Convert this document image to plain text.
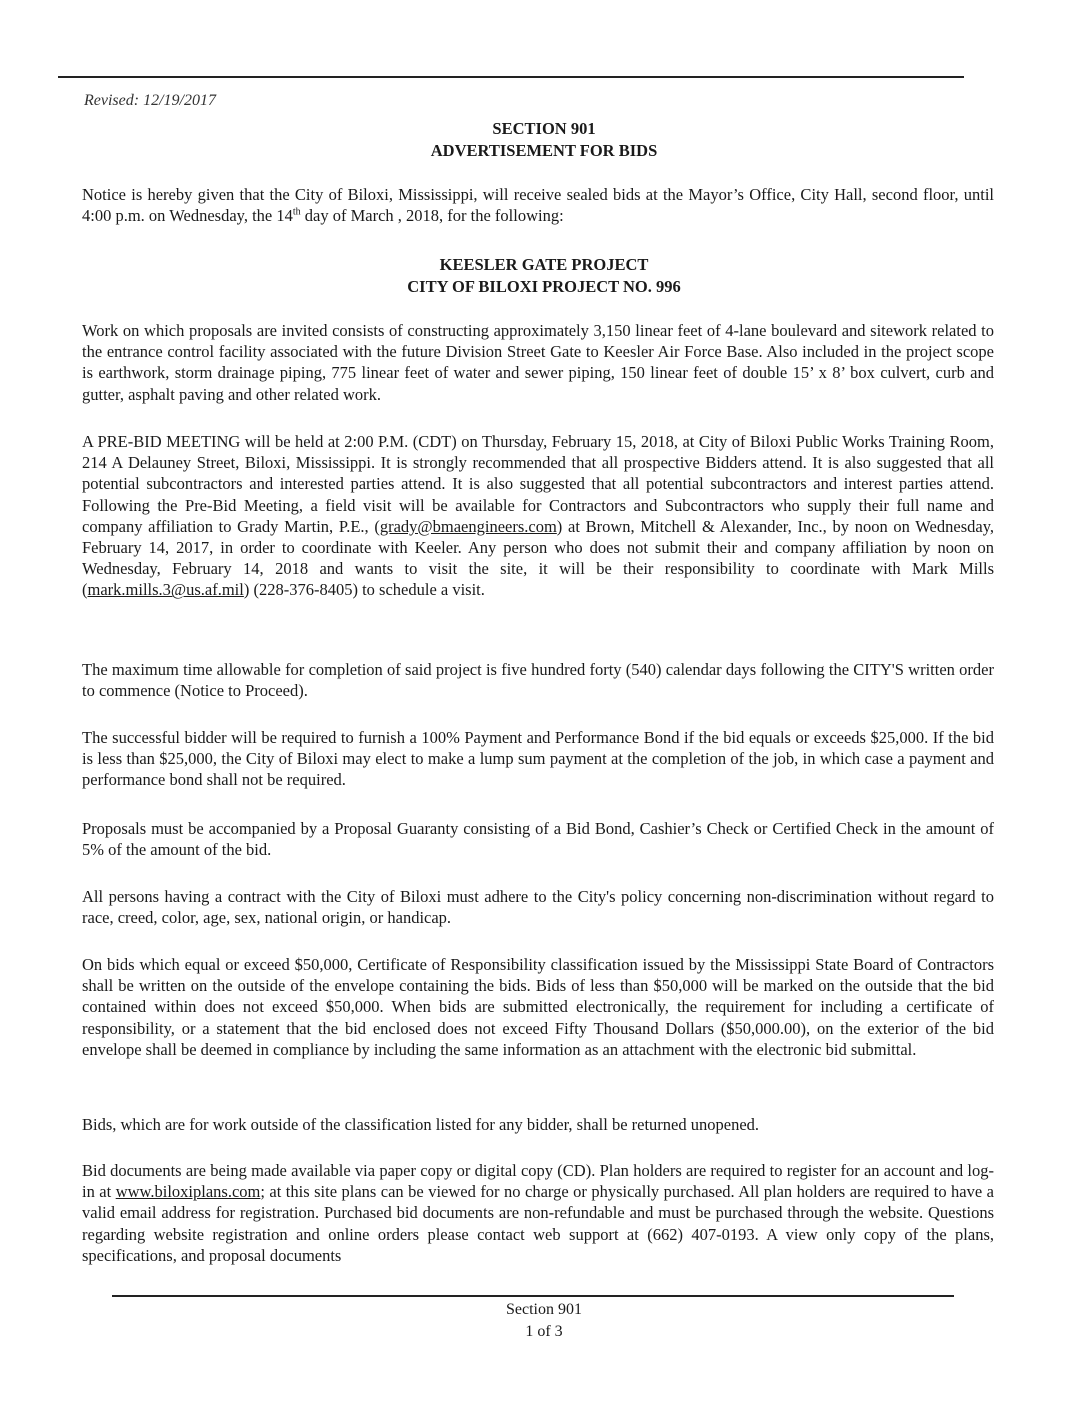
Revised: 12/19/2017
SECTION 901
ADVERTISEMENT FOR BIDS

Notice is hereby given that the City of Biloxi, Mississippi, will receive sealed bids at the Mayor’s Office, City Hall, second floor, until 4:00 p.m. on Wednesday, the 14th day of March , 2018, for the following:

KEESLER GATE PROJECT
CITY OF BILOXI PROJECT NO. 996

Work on which proposals are invited consists of constructing approximately 3,150 linear feet of 4-lane boulevard and sitework related to the entrance control facility associated with the future Division Street Gate to Keesler Air Force Base. Also included in the project scope is earthwork, storm drainage piping, 775 linear feet of water and sewer piping, 150 linear feet of double 15’ x 8’ box culvert, curb and gutter, asphalt paving and other related work.

A PRE-BID MEETING will be held at 2:00 P.M. (CDT) on Thursday, February 15, 2018, at City of Biloxi Public Works Training Room, 214 A Delauney Street, Biloxi, Mississippi. It is strongly recommended that all prospective Bidders attend. It is also suggested that all potential subcontractors and interested parties attend. It is also suggested that all potential subcontractors and interest parties attend. Following the Pre-Bid Meeting, a field visit will be available for Contractors and Subcontractors who supply their full name and company affiliation to Grady Martin, P.E., (grady@bmaengineers.com) at Brown, Mitchell & Alexander, Inc., by noon on Wednesday, February 14, 2017, in order to coordinate with Keeler. Any person who does not submit their and company affiliation by noon on Wednesday, February 14, 2018 and wants to visit the site, it will be their responsibility to coordinate with Mark Mills (mark.mills.3@us.af.mil) (228-376-8405) to schedule a visit.

The maximum time allowable for completion of said project is five hundred forty (540) calendar days following the CITY'S written order to commence (Notice to Proceed).

The successful bidder will be required to furnish a 100% Payment and Performance Bond if the bid equals or exceeds $25,000. If the bid is less than $25,000, the City of Biloxi may elect to make a lump sum payment at the completion of the job, in which case a payment and performance bond shall not be required.

Proposals must be accompanied by a Proposal Guaranty consisting of a Bid Bond, Cashier’s Check or Certified Check in the amount of 5% of the amount of the bid.

All persons having a contract with the City of Biloxi must adhere to the City's policy concerning non-discrimination without regard to race, creed, color, age, sex, national origin, or handicap.

On bids which equal or exceed $50,000, Certificate of Responsibility classification issued by the Mississippi State Board of Contractors shall be written on the outside of the envelope containing the bids. Bids of less than $50,000 will be marked on the outside that the bid contained within does not exceed $50,000. When bids are submitted electronically, the requirement for including a certificate of responsibility, or a statement that the bid enclosed does not exceed Fifty Thousand Dollars ($50,000.00), on the exterior of the bid envelope shall be deemed in compliance by including the same information as an attachment with the electronic bid submittal.

Bids, which are for work outside of the classification listed for any bidder, shall be returned unopened.

Bid documents are being made available via paper copy or digital copy (CD). Plan holders are required to register for an account and log-in at www.biloxiplans.com; at this site plans can be viewed for no charge or physically purchased. All plan holders are required to have a valid email address for registration. Purchased bid documents are non-refundable and must be purchased through the website. Questions regarding website registration and online orders please contact web support at (662) 407-0193. A view only copy of the plans, specifications, and proposal documents

Section 901
1 of 3
